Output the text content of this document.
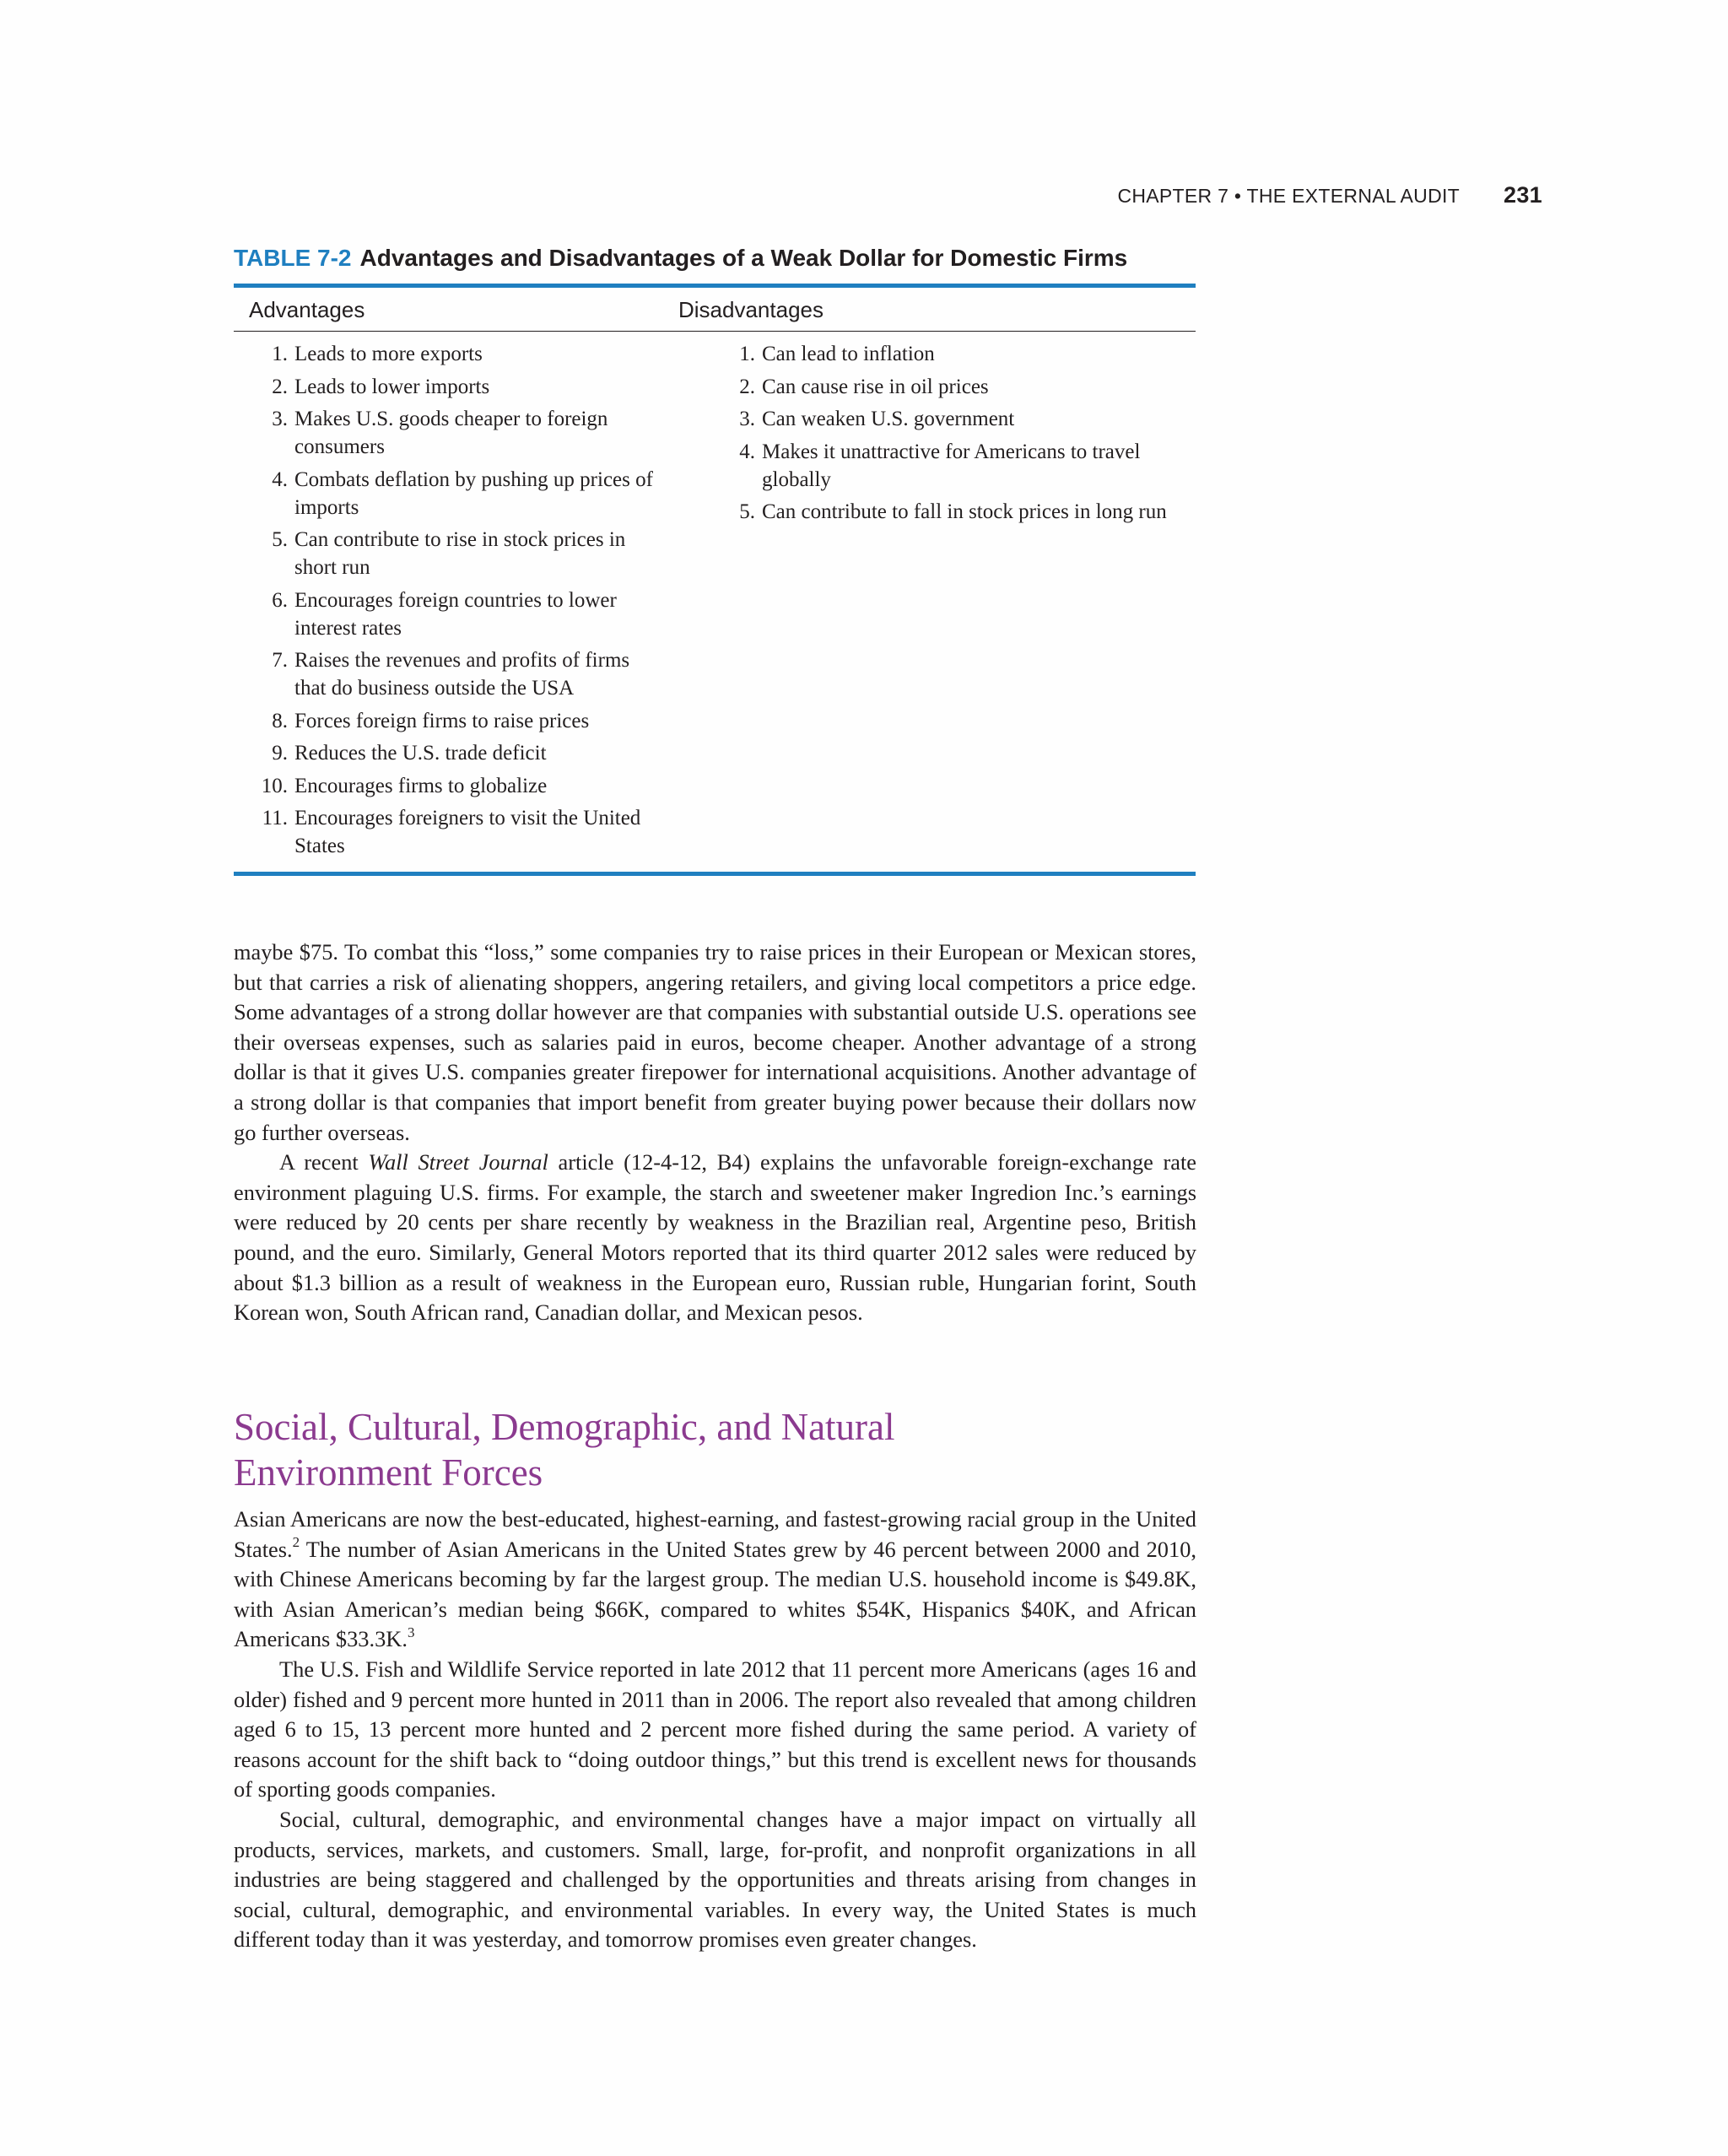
CHAPTER 7 • THE EXTERNAL AUDIT 231
TABLE 7-2 Advantages and Disadvantages of a Weak Dollar for Domestic Firms
Advantages	Disadvantages
1. Leads to more exports
2. Leads to lower imports
3. Makes U.S. goods cheaper to foreign consumers
4. Combats deflation by pushing up prices of imports
5. Can contribute to rise in stock prices in short run
6. Encourages foreign countries to lower interest rates
7. Raises the revenues and profits of firms that do business outside the USA
8. Forces foreign firms to raise prices
9. Reduces the U.S. trade deficit
10. Encourages firms to globalize
11. Encourages foreigners to visit the United States
1. Can lead to inflation
2. Can cause rise in oil prices
3. Can weaken U.S. government
4. Makes it unattractive for Americans to travel globally
5. Can contribute to fall in stock prices in long run

maybe $75. To combat this “loss,” some companies try to raise prices in their European or Mexican stores, but that carries a risk of alienating shoppers, angering retailers, and giving local competitors a price edge. Some advantages of a strong dollar however are that companies with substantial outside U.S. operations see their overseas expenses, such as salaries paid in euros, become cheaper. Another advantage of a strong dollar is that it gives U.S. companies greater firepower for international acquisitions. Another advantage of a strong dollar is that companies that import benefit from greater buying power because their dollars now go further overseas.

A recent Wall Street Journal article (12-4-12, B4) explains the unfavorable foreign-exchange rate environment plaguing U.S. firms. For example, the starch and sweetener maker Ingredion Inc.’s earnings were reduced by 20 cents per share recently by weakness in the Brazilian real, Argentine peso, British pound, and the euro. Similarly, General Motors reported that its third quarter 2012 sales were reduced by about $1.3 billion as a result of weakness in the European euro, Russian ruble, Hungarian forint, South Korean won, South African rand, Canadian dollar, and Mexican pesos.

Social, Cultural, Demographic, and Natural
Environment Forces

Asian Americans are now the best-educated, highest-earning, and fastest-growing racial group in the United States.$^2$ The number of Asian Americans in the United States grew by 46 percent between 2000 and 2010, with Chinese Americans becoming by far the largest group. The median U.S. household income is $49.8K, with Asian American’s median being $66K, compared to whites $54K, Hispanics $40K, and African Americans $33.3K.$^3$

The U.S. Fish and Wildlife Service reported in late 2012 that 11 percent more Americans (ages 16 and older) fished and 9 percent more hunted in 2011 than in 2006. The report also revealed that among children aged 6 to 15, 13 percent more hunted and 2 percent more fished during the same period. A variety of reasons account for the shift back to “doing outdoor things,” but this trend is excellent news for thousands of sporting goods companies.

Social, cultural, demographic, and environmental changes have a major impact on virtually all products, services, markets, and customers. Small, large, for-profit, and nonprofit organizations in all industries are being staggered and challenged by the opportunities and threats arising from changes in social, cultural, demographic, and environmental variables. In every way, the United States is much different today than it was yesterday, and tomorrow promises even greater changes.
